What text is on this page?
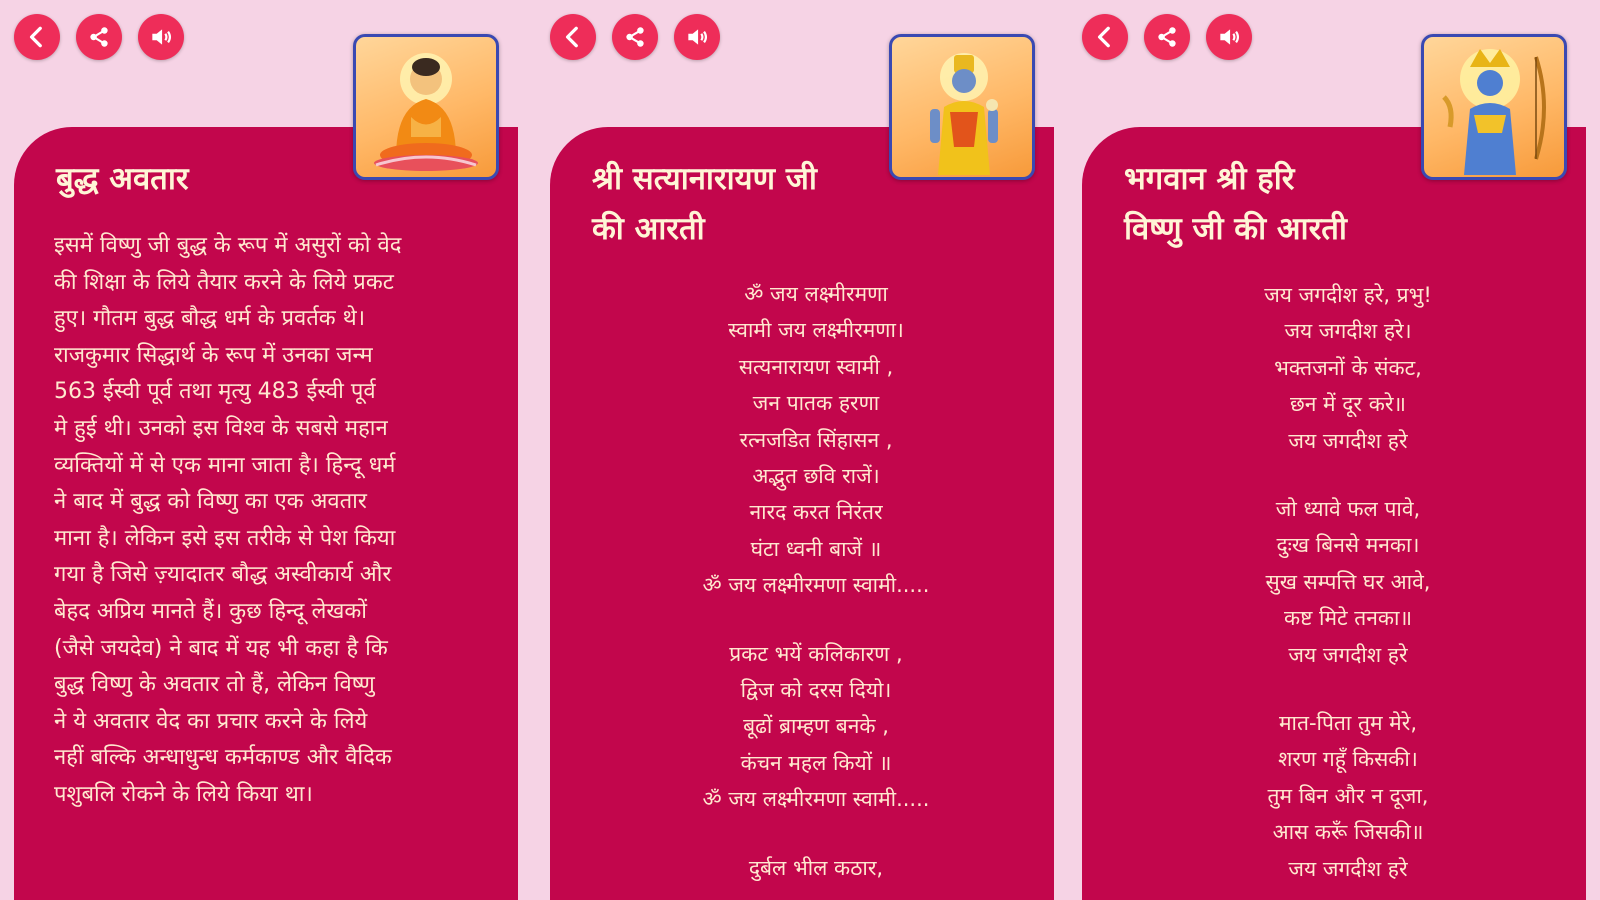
बुद्ध अवतार
इसमें विष्णु जी बुद्ध के रूप में असुरों को वेद
की शिक्षा के लिये तैयार करने के लिये प्रकट
हुए। गौतम बुद्ध बौद्ध धर्म के प्रवर्तक थे।
राजकुमार सिद्धार्थ के रूप में उनका जन्म
563 ईस्वी पूर्व तथा मृत्यु 483 ईस्वी पूर्व
मे हुई थी। उनको इस विश्व के सबसे महान
व्यक्तियों में से एक माना जाता है। हिन्दू धर्म
ने बाद में बुद्ध को विष्णु का एक अवतार
माना है। लेकिन इसे इस तरीके से पेश किया
गया है जिसे ज़्यादातर बौद्ध अस्वीकार्य और
बेहद अप्रिय मानते हैं। कुछ हिन्दू लेखकों
(जैसे जयदेव) ने बाद में यह भी कहा है कि
बुद्ध विष्णु के अवतार तो हैं, लेकिन विष्णु
ने ये अवतार वेद का प्रचार करने के लिये
नहीं बल्कि अन्धाधुन्ध कर्मकाण्ड और वैदिक
पशुबलि रोकने के लिये किया था।
श्री सत्यानारायण जी
की आरती
ॐ जय लक्ष्मीरमणा
स्वामी जय लक्ष्मीरमणा।
सत्यनारायण स्वामी ,
जन पातक हरणा
रत्नजडित सिंहासन ,
अद्भुत छवि राजें।
नारद करत निरंतर
घंटा ध्वनी बाजें ॥
ॐ जय लक्ष्मीरमणा स्वामी.....
प्रकट भयें कलिकारण ,
द्विज को दरस दियो।
बूढों ब्राम्हण बनके ,
कंचन महल कियों ॥
ॐ जय लक्ष्मीरमणा स्वामी.....
दुर्बल भील कठार,
भगवान श्री हरि
विष्णु जी की आरती
जय जगदीश हरे, प्रभु!
जय जगदीश हरे।
भक्तजनों के संकट,
छन में दूर करे॥
जय जगदीश हरे
जो ध्यावे फल पावे,
दुःख बिनसे मनका।
सुख सम्पत्ति घर आवे,
कष्ट मिटे तनका॥
जय जगदीश हरे
मात-पिता तुम मेरे,
शरण गहूँ किसकी।
तुम बिन और न दूजा,
आस करूँ जिसकी॥
जय जगदीश हरे
